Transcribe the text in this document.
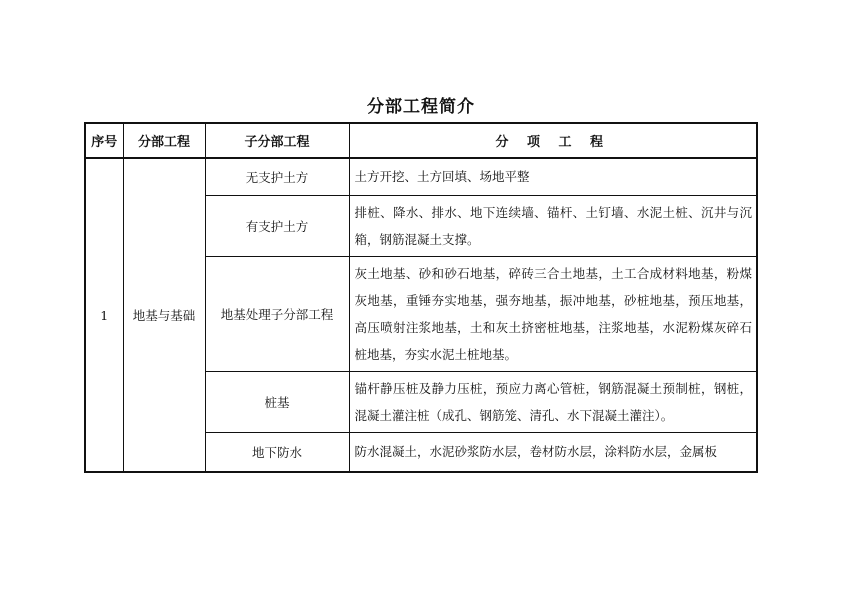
分部工程简介
序号	分部工程	子分部工程	分 项 工 程
1	地基与基础	无支护土方	土方开挖、土方回填、场地平整
		有支护土方	排桩、降水、排水、地下连续墙、锚杆、土钉墙、水泥土桩、沉井与沉箱，钢筋混凝土支撑。
		地基处理子分部工程	灰土地基、砂和砂石地基，碎砖三合土地基，土工合成材料地基，粉煤灰地基，重锤夯实地基，强夯地基，振冲地基，砂桩地基，预压地基，高压喷射注浆地基，土和灰土挤密桩地基，注浆地基，水泥粉煤灰碎石桩地基，夯实水泥土桩地基。
		桩基	锚杆静压桩及静力压桩，预应力离心管桩，钢筋混凝土预制桩，钢桩，混凝土灌注桩（成孔、钢筋笼、清孔、水下混凝土灌注）。
		地下防水	防水混凝土，水泥砂浆防水层，卷材防水层，涂料防水层，金属板
